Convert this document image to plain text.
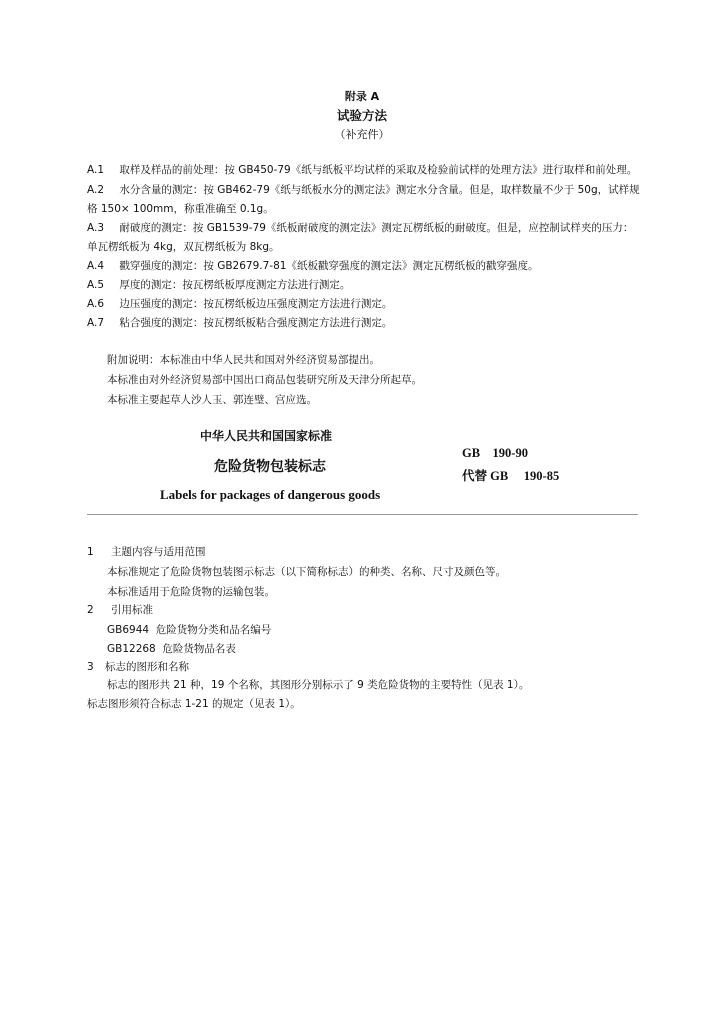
附录 A
试验方法
（补充件）
A.1 取样及样品的前处理：按 GB450-79《纸与纸板平均试样的采取及检验前试样的处理方法》进行取样和前处理。
A.2 水分含量的测定：按 GB462-79《纸与纸板水分的测定法》测定水分含量。但是，取样数量不少于 50g，试样规
格 150× 100mm，称重准确至 0.1g。
A.3 耐破度的测定：按 GB1539-79《纸板耐破度的测定法》测定瓦楞纸板的耐破度。但是，应控制试样夹的压力：
单瓦楞纸板为 4kg，双瓦楞纸板为 8kg。
A.4 戳穿强度的测定：按 GB2679.7-81《纸板戳穿强度的测定法》测定瓦楞纸板的戳穿强度。
A.5 厚度的测定：按瓦楞纸板厚度测定方法进行测定。
A.6 边压强度的测定：按瓦楞纸板边压强度测定方法进行测定。
A.7 粘合强度的测定：按瓦楞纸板粘合强度测定方法进行测定。
附加说明：本标准由中华人民共和国对外经济贸易部提出。
本标准由对外经济贸易部中国出口商品包装研究所及天津分所起草。
本标准主要起草人沙人玉、郭连璧、宫应选。
中华人民共和国国家标准
危险货物包装标志
Labels for packages of dangerous goods
GB    190-90
代替 GB     190-85
1 主题内容与适用范围
本标准规定了危险货物包装图示标志（以下简称标志）的种类、名称、尺寸及颜色等。
本标准适用于危险货物的运输包装。
2 引用标准
GB6944  危险货物分类和品名编号
GB12268  危险货物品名表
3 标志的图形和名称
标志的图形共 21 种，19 个名称，其图形分别标示了 9 类危险货物的主要特性（见表 1）。
标志图形须符合标志 1-21 的规定（见表 1）。
